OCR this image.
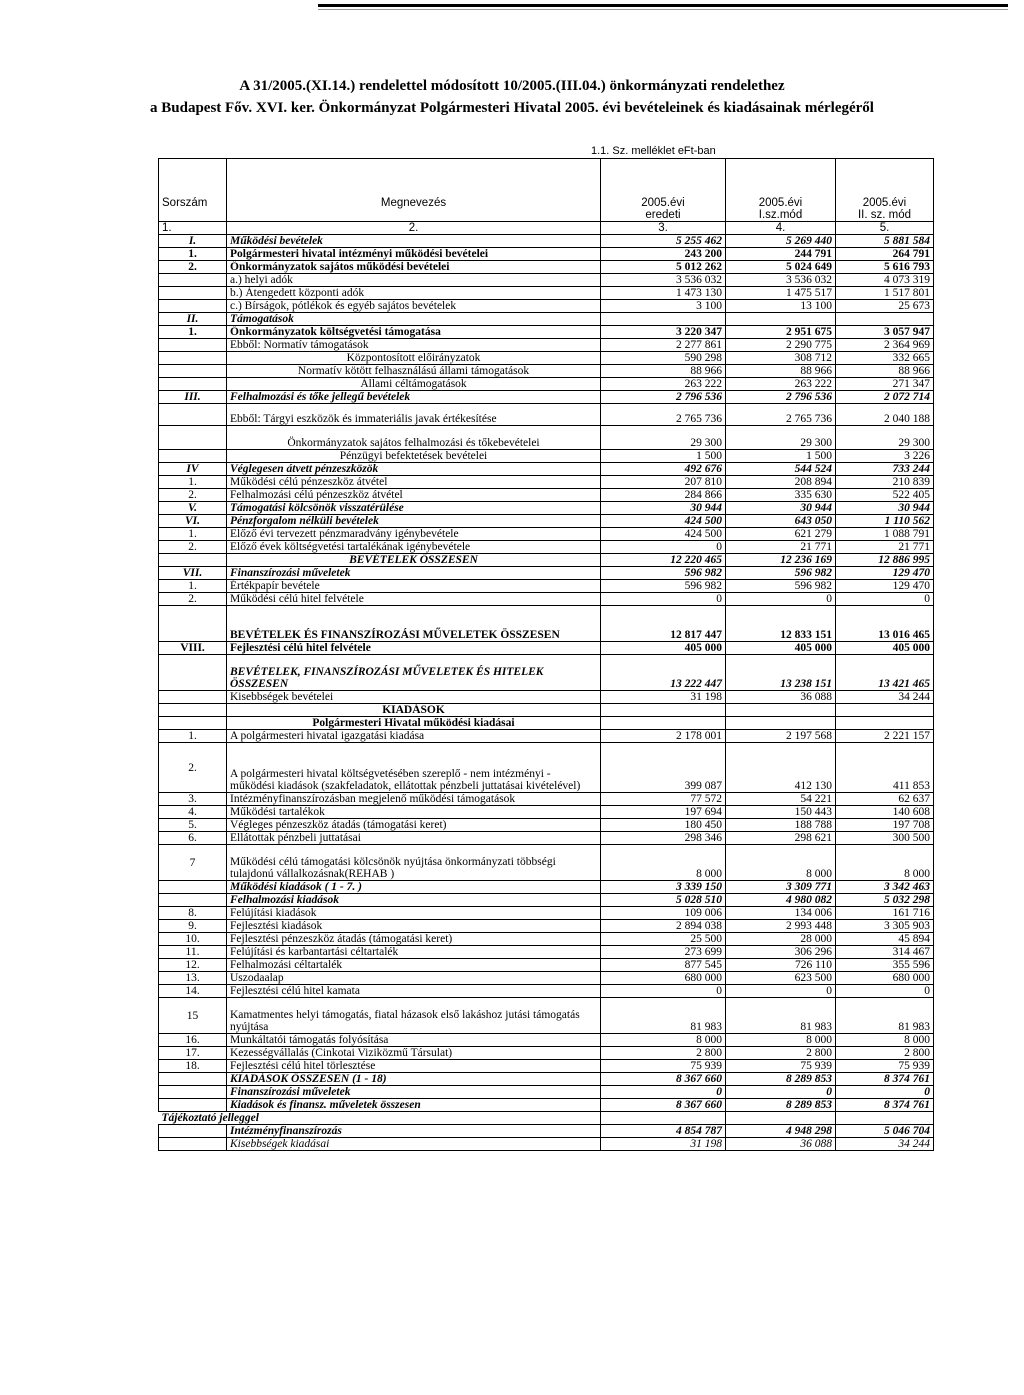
A 31/2005.(XI.14.) rendelettel módosított 10/2005.(III.04.) önkormányzati rendelethez
a Budapest Főv. XVI. ker. Önkormányzat Polgármesteri Hivatal 2005. évi bevételeinek és kiadásainak mérlegéről
1.1. Sz. melléklet eFt-ban
Sorszám	Megnevezés	2005.évi	2005.évi	2005.évi
		eredeti	I.sz.mód	II. sz. mód
1.	2.	3.	4.	5.
I.	Működési bevételek	5 255 462	5 269 440	5 881 584
1.	Polgármesteri hivatal intézményi működési bevételei	243 200	244 791	264 791
2.	Önkormányzatok sajátos működési bevételei	5 012 262	5 024 649	5 616 793
	a.) helyi adók	3 536 032	3 536 032	4 073 319
	b.) Átengedett központi adók	1 473 130	1 475 517	1 517 801
	c.) Bírságok, pótlékok és egyéb sajátos bevételek	3 100	13 100	25 673
II.	Támogatások			
1.	Önkormányzatok költségvetési támogatása	3 220 347	2 951 675	3 057 947
	Ebből: Normatív támogatások	2 277 861	2 290 775	2 364 969
	Központosított előirányzatok	590 298	308 712	332 665
	Normatív kötött felhasználású állami támogatások	88 966	88 966	88 966
	Állami céltámogatások	263 222	263 222	271 347
III.	Felhalmozási és tőke jellegű bevételek	2 796 536	2 796 536	2 072 714
	Ebből: Tárgyi eszközök és immateriális javak értékesítése	2 765 736	2 765 736	2 040 188
	Önkormányzatok sajátos felhalmozási és tőkebevételei	29 300	29 300	29 300
	Pénzügyi befektetések bevételei	1 500	1 500	3 226
IV	Véglegesen átvett pénzeszközök	492 676	544 524	733 244
1.	Működési célú pénzeszköz átvétel	207 810	208 894	210 839
2.	Felhalmozási célú pénzeszköz átvétel	284 866	335 630	522 405
V.	Támogatási kölcsönök visszatérülése	30 944	30 944	30 944
VI.	Pénzforgalom nélküli bevételek	424 500	643 050	1 110 562
1.	Előző évi tervezett pénzmaradvány igénybevétele	424 500	621 279	1 088 791
2.	Előző évek költségvetési tartalékának igénybevétele	0	21 771	21 771
	BEVÉTELEK ÖSSZESEN	12 220 465	12 236 169	12 886 995
VII.	Finanszírozási műveletek	596 982	596 982	129 470
1.	Értékpapír bevétele	596 982	596 982	129 470
2.	Működési célú hitel felvétele	0	0	0
	BEVÉTELEK ÉS FINANSZÍROZÁSI MŰVELETEK ÖSSZESEN	12 817 447	12 833 151	13 016 465
VIII.	Fejlesztési célú hitel felvétele	405 000	405 000	405 000
	BEVÉTELEK, FINANSZÍROZÁSI MŰVELETEK ÉS HITELEK ÖSSZESEN	13 222 447	13 238 151	13 421 465
	Kisebbségek bevételei	31 198	36 088	34 244
	KIADÁSOK			
	Polgármesteri Hivatal működési kiadásai			
1.	A polgármesteri hivatal igazgatási kiadása	2 178 001	2 197 568	2 221 157
2.	A polgármesteri hivatal költségvetésében szereplő - nem intézményi - működési kiadások (szakfeladatok, ellátottak pénzbeli juttatásai kivételével)	399 087	412 130	411 853
3.	Intézményfinanszírozásban megjelenő működési támogatások	77 572	54 221	62 637
4.	Működési tartalékok	197 694	150 443	140 608
5.	Végleges pénzeszköz átadás (támogatási keret)	180 450	188 788	197 708
6.	Ellátottak pénzbeli juttatásai	298 346	298 621	300 500
7	Működési célú támogatási kölcsönök nyújtása önkormányzati többségi tulajdonú vállalkozásnak(REHAB )	8 000	8 000	8 000
	Működési kiadások ( 1 - 7. )	3 339 150	3 309 771	3 342 463
	Felhalmozási kiadások	5 028 510	4 980 082	5 032 298
8.	Felújítási kiadások	109 006	134 006	161 716
9.	Fejlesztési kiadások	2 894 038	2 993 448	3 305 903
10.	Fejlesztési pénzeszköz átadás (támogatási keret)	25 500	28 000	45 894
11.	Felújítási és karbantartási céltartalék	273 699	306 296	314 467
12.	Felhalmozási céltartalék	877 545	726 110	355 596
13.	Uszodaalap	680 000	623 500	680 000
14.	Fejlesztési célú hitel kamata	0	0	0
15	Kamatmentes helyi támogatás, fiatal házasok első lakáshoz jutási támogatás nyújtása	81 983	81 983	81 983
16.	Munkáltatói támogatás folyósítása	8 000	8 000	8 000
17.	Kezességvállalás (Cinkotai Viziközmű Társulat)	2 800	2 800	2 800
18.	Fejlesztési célú hitel törlesztése	75 939	75 939	75 939
	KIADÁSOK ÖSSZESEN (1 - 18)	8 367 660	8 289 853	8 374 761
	Finanszírozási műveletek	0	0	0
	Kiadások és finansz. műveletek összesen	8 367 660	8 289 853	8 374 761
Tájékoztató jelleggel				
	Intézményfinanszírozás	4 854 787	4 948 298	5 046 704
	Kisebbségek kiadásai	31 198	36 088	34 244
